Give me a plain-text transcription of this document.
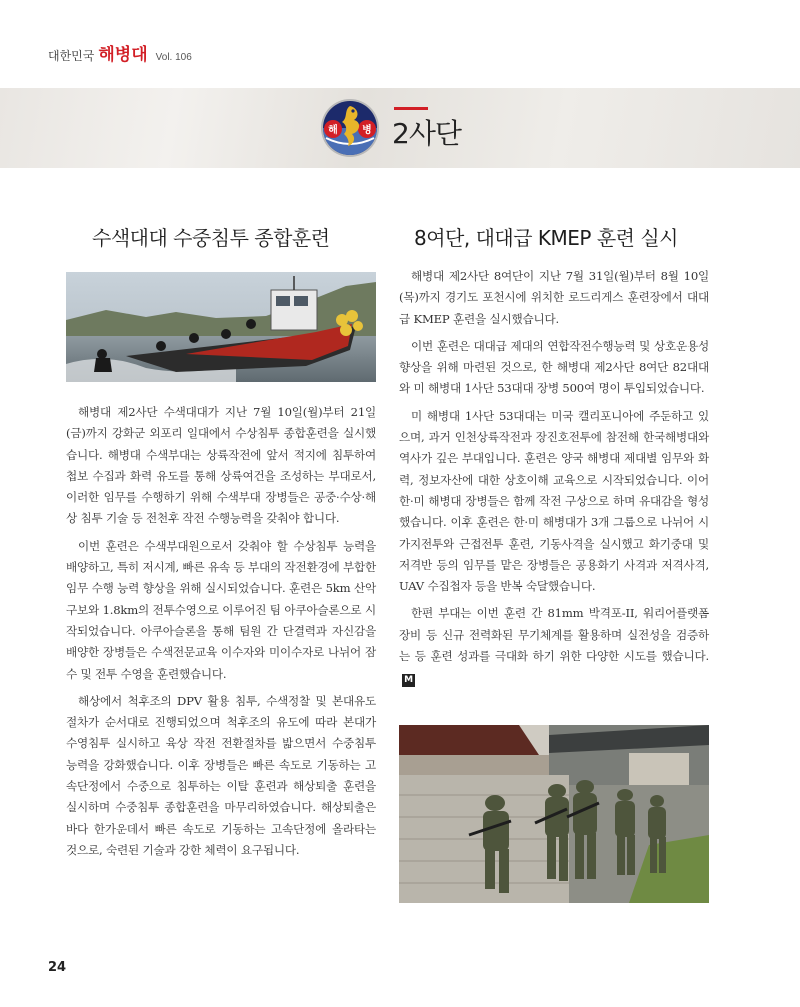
대한민국 해병대 Vol. 106
해 병 2사단
수색대대 수중침투 종합훈련	8여단, 대대급 KMEP 훈련 실시

해병대 제2사단 수색대대가 지난 7월 10일(월)부터 21일(금)까지 강화군 외포리 일대에서 수상침투 종합훈련을 실시했습니다. 해병대 수색부대는 상륙작전에 앞서 적지에 침투하여 첩보 수집과 화력 유도를 통해 상륙여건을 조성하는 부대로서, 이러한 임무를 수행하기 위해 수색부대 장병들은 공중·수상·해상 침투 기술 등 전천후 작전 수행능력을 갖춰야 합니다.

이번 훈련은 수색부대원으로서 갖춰야 할 수상침투 능력을 배양하고, 특히 저시계, 빠른 유속 등 부대의 작전환경에 부합한 임무 수행 능력 향상을 위해 실시되었습니다. 훈련은 5km 산악구보와 1.8km의 전투수영으로 이루어진 팀 아쿠아슬론으로 시작되었습니다. 아쿠아슬론을 통해 팀원 간 단결력과 자신감을 배양한 장병들은 수색전문교육 이수자와 미이수자로 나뉘어 잠수 및 전투 수영을 훈련했습니다.

해상에서 척후조의 DPV 활용 침투, 수색정찰 및 본대유도 절차가 순서대로 진행되었으며 척후조의 유도에 따라 본대가 수영침투 실시하고 육상 작전 전환절차를 밟으면서 수중침투 능력을 강화했습니다. 이후 장병들은 빠른 속도로 기동하는 고속단정에서 수중으로 침투하는 이탈 훈련과 해상퇴출 훈련을 실시하며 수중침투 종합훈련을 마무리하였습니다. 해상퇴출은 바다 한가운데서 빠른 속도로 기동하는 고속단정에 올라타는 것으로, 숙련된 기술과 강한 체력이 요구됩니다.

해병대 제2사단 8여단이 지난 7월 31일(월)부터 8월 10일(목)까지 경기도 포천시에 위치한 로드리게스 훈련장에서 대대급 KMEP 훈련을 실시했습니다.

이번 훈련은 대대급 제대의 연합작전수행능력 및 상호운용성 향상을 위해 마련된 것으로, 한 해병대 제2사단 8여단 82대대와 미 해병대 1사단 53대대 장병 500여 명이 투입되었습니다.

미 해병대 1사단 53대대는 미국 캘리포니아에 주둔하고 있으며, 과거 인천상륙작전과 장진호전투에 참전해 한국해병대와 역사가 깊은 부대입니다. 훈련은 양국 해병대 제대별 임무와 화력, 정보자산에 대한 상호이해 교육으로 시작되었습니다. 이어 한·미 해병대 장병들은 함께 작전 구상으로 하며 유대감을 형성했습니다. 이후 훈련은 한·미 해병대가 3개 그룹으로 나뉘어 시가지전투와 근접전투 훈련, 기동사격을 실시했고 화기중대 및 저격반 등의 임무를 맡은 장병들은 공용화기 사격과 저격사격, UAV 수집첩자 등을 반복 숙달했습니다.

한편 부대는 이번 훈련 간 81mm 박격포-II, 워리어플랫폼 장비 등 신규 전력화된 무기체계를 활용하며 실전성을 검증하는 등 훈련 성과를 극대화 하기 위한 다양한 시도를 했습니다.M

24
